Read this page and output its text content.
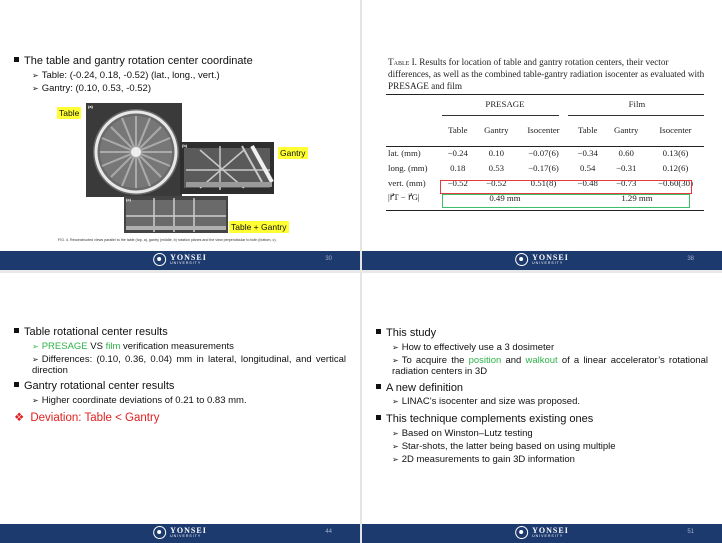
The table and gantry rotation center coordinate
➢ Table: (-0.24, 0.18, -0.52) (lat., long., vert.)
➢ Gantry: (0.10, 0.53, -0.52)
Table
Gantry
Table + Gantry
(a)
(b)
(c)
FIG. 4. Reconstructed views parallel to the table (top, a), gantry (middle, b) rotation planes and the view perpendicular to both (bottom, c).
YONSEI
UNIVERSITY
30
Table I. Results for location of table and gantry rotation centers, their vector differences, as well as the combined table-gantry radiation isocenter as evaluated with PRESAGE and film
	PRESAGE			Film		
	Table	Gantry	Isocenter	Table	Gantry	Isocenter
lat. (mm)	−0.24	0.10	−0.07(6)	−0.34	0.60	0.13(6)
long. (mm)	0.18	0.53	−0.17(6)	0.54	−0.31	0.12(6)
vert. (mm)	−0.52	−0.52	0.51(8)	−0.48	−0.73	−0.60(30)
|r⃗T − r⃗G|	0.49 mm			1.29 mm		
YONSEI
UNIVERSITY
38
Table rotational center results
➢ PRESAGE VS film verification measurements
➢ Differences: (0.10, 0.36, 0.04) mm in lateral, longitudinal, and vertical direction
Gantry rotational center results
➢ Higher coordinate deviations of 0.21 to 0.83 mm.
❖ Deviation: Table < Gantry
YONSEI
UNIVERSITY
44
This study
➢ How to effectively use a 3 dosimeter
➢ To acquire the position and walkout of a linear accelerator’s rotational radiation centers in 3D
A new definition
➢ LINAC’s isocenter and size was proposed.
This technique complements existing ones
➢ Based on Winston–Lutz testing
➢ Star-shots, the latter being based on using multiple
➢ 2D measurements to gain 3D information
YONSEI
UNIVERSITY
51
